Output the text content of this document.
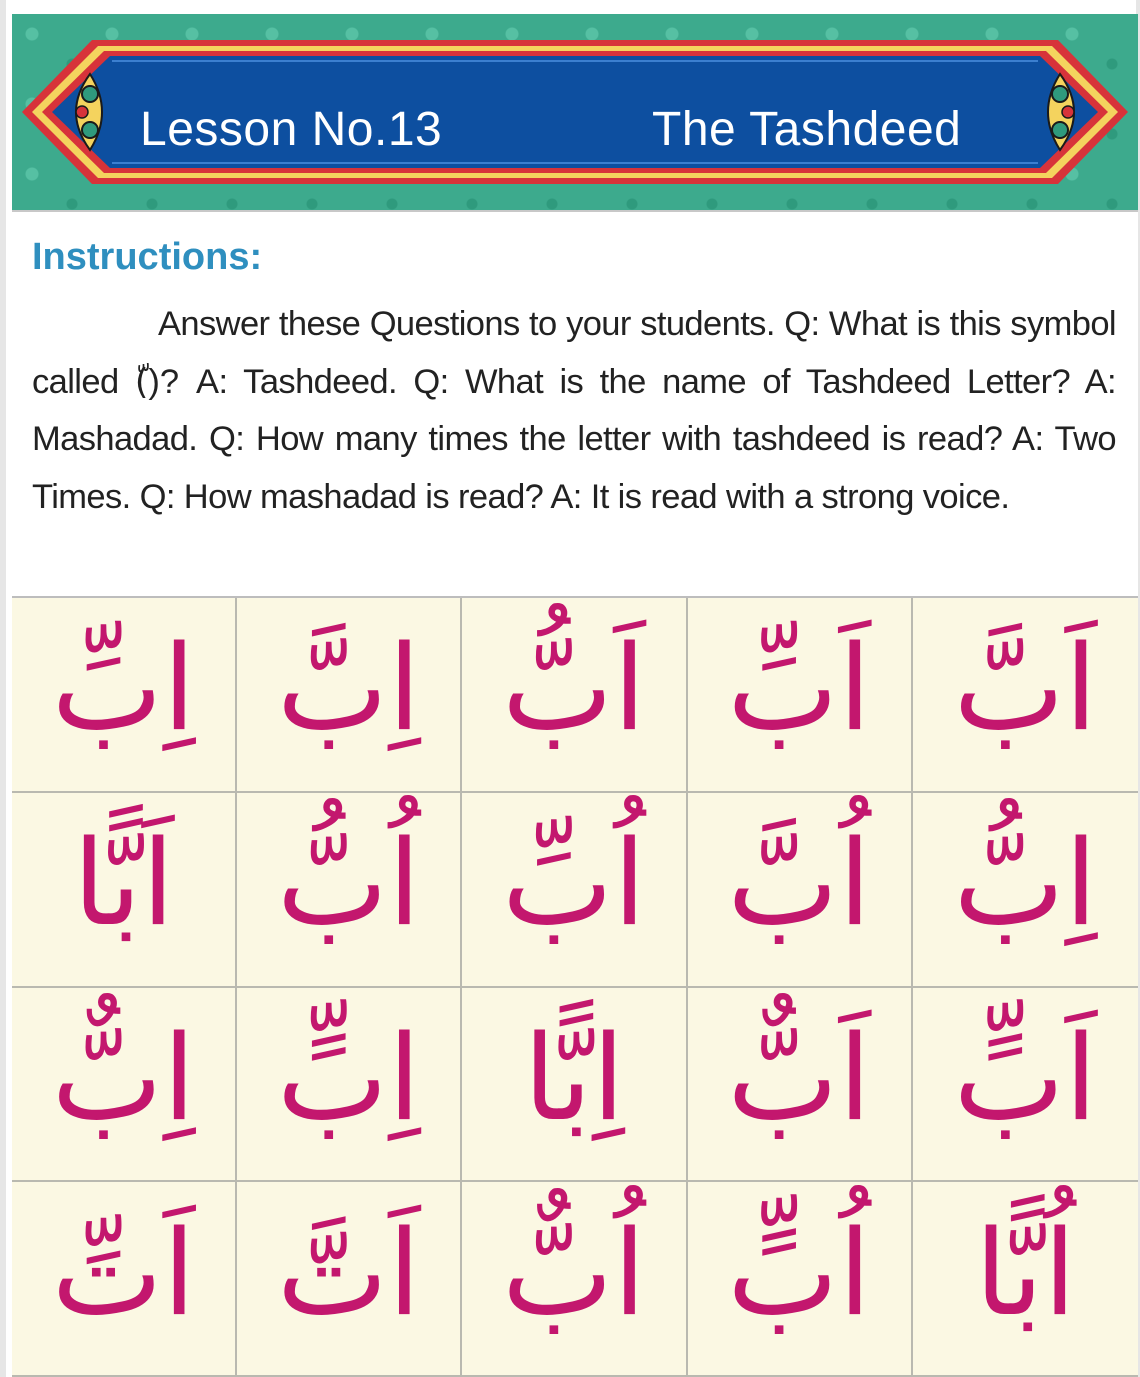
Lesson No.13	The Tashdeed
Instructions:

Answer these Questions to your students. Q: What is this symbol called (ّ)? A: Tashdeed. Q: What is the name of Tashdeed Letter? A: Mashadad. Q: How many times the letter with tashdeed is read? A: Two Times. Q: How mashadad is read? A: It is read with a strong voice.

اِبِّ اِبَّ اَبُّ اَبِّ اَبَّ
اَبًّا اُبُّ اُبِّ اُبَّ اِبُّ
اِبٌّ اِبٍّ اِبًّا اَبٌّ اَبٍّ
اَتِّ اَتَّ اُبٌّ اُبٍّ اُبًّا
